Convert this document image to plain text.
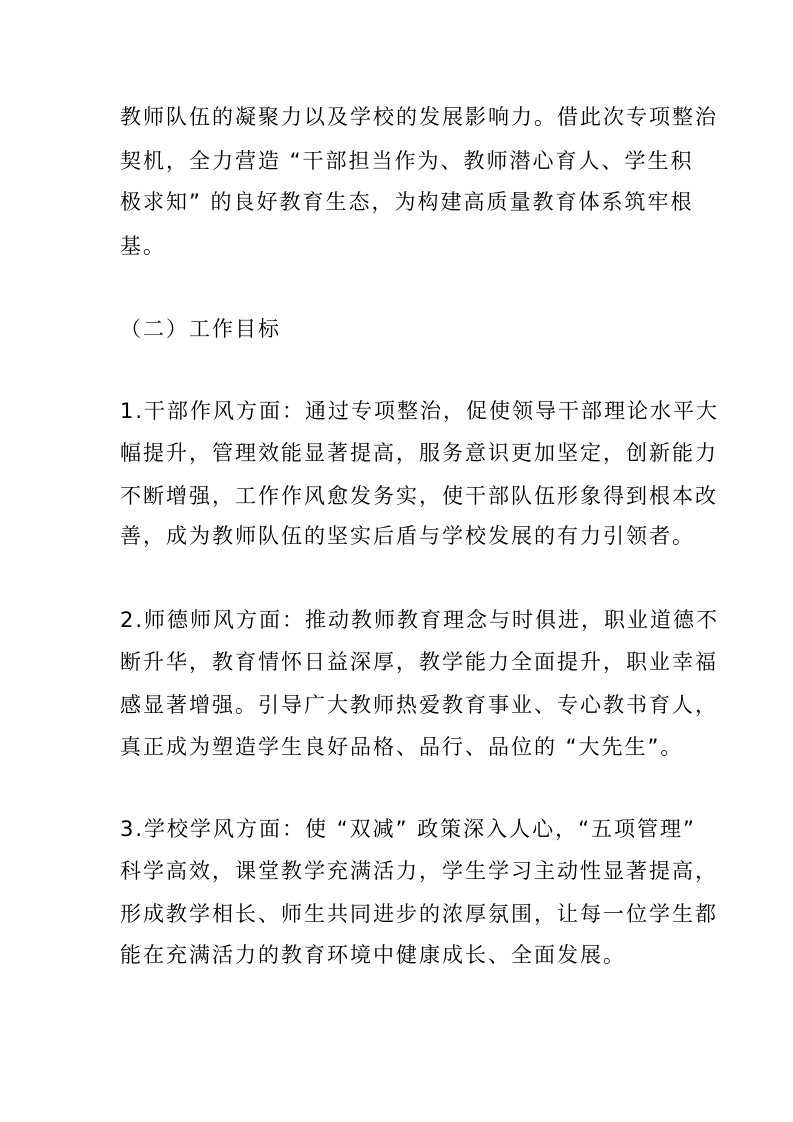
教师队伍的凝聚力以及学校的发展影响力。借此次专项整治
契机，全力营造 “干部担当作为、教师潜心育人、学生积
极求知” 的良好教育生态，为构建高质量教育体系筑牢根
基。
（二）工作目标
1.干部作风方面：通过专项整治，促使领导干部理论水平大
幅提升，管理效能显著提高，服务意识更加坚定，创新能力
不断增强，工作作风愈发务实，使干部队伍形象得到根本改
善，成为教师队伍的坚实后盾与学校发展的有力引领者。
2.师德师风方面：推动教师教育理念与时俱进，职业道德不
断升华，教育情怀日益深厚，教学能力全面提升，职业幸福
感显著增强。引导广大教师热爱教育事业、专心教书育人，
真正成为塑造学生良好品格、品行、品位的 “大先生”。
3.学校学风方面：使 “双减” 政策深入人心，“五项管理”
科学高效，课堂教学充满活力，学生学习主动性显著提高，
形成教学相长、师生共同进步的浓厚氛围，让每一位学生都
能在充满活力的教育环境中健康成长、全面发展。
